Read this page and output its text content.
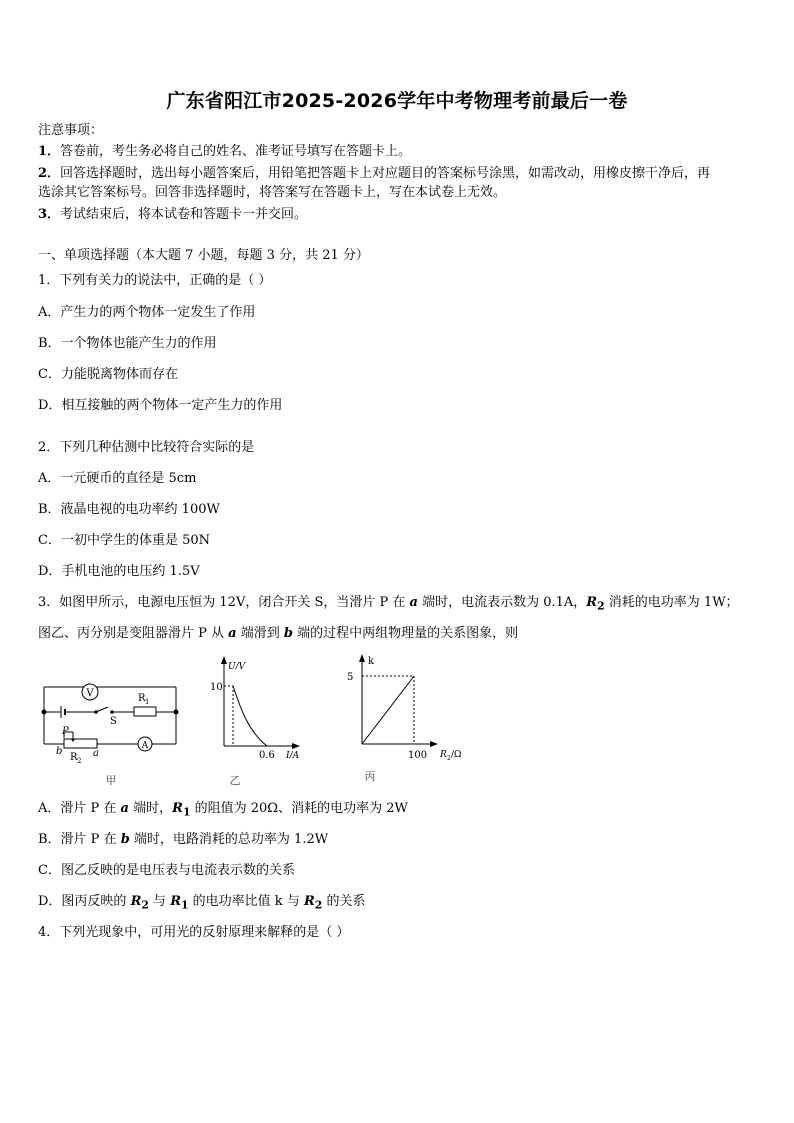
广东省阳江市2025-2026学年中考物理考前最后一卷
注意事项：
1．答卷前，考生务必将自己的姓名、准考证号填写在答题卡上。
2．回答选择题时，选出每小题答案后，用铅笔把答题卡上对应题目的答案标号涂黑，如需改动，用橡皮擦干净后，再
选涂其它答案标号。回答非选择题时，将答案写在答题卡上，写在本试卷上无效。
3．考试结束后，将本试卷和答题卡一并交回。
一、单项选择题（本大题 7 小题，每题 3 分，共 21 分）
1．下列有关力的说法中，正确的是（ ）
A．产生力的两个物体一定发生了作用
B．一个物体也能产生力的作用
C．力能脱离物体而存在
D．相互接触的两个物体一定产生力的作用
2．下列几种估测中比较符合实际的是
A．一元硬币的直径是 5cm
B．液晶电视的电功率约 100W
C．一初中学生的体重是 50N
D．手机电池的电压约 1.5V
3．如图甲所示，电源电压恒为 12V，闭合开关 S，当滑片 P 在 a 端时，电流表示数为 0.1A，$R_2$ 消耗的电功率为 1W；
图乙、丙分别是变阻器滑片 P 从 a 端滑到 b 端的过程中两组物理量的关系图象，则
V
S
R 1
P
b	a
R 2
A
甲
U/V
10
0.6 I/A
乙
k
5
100 R 2 /Ω
丙
A．滑片 P 在 a 端时，$R_1$ 的阻值为 20Ω、消耗的电功率为 2W
B．滑片 P 在 b 端时，电路消耗的总功率为 1.2W
C．图乙反映的是电压表与电流表示数的关系
D．图丙反映的 $R_2$ 与 $R_1$ 的电功率比值 k 与 $R_2$ 的关系
4．下列光现象中，可用光的反射原理来解释的是（ ）
